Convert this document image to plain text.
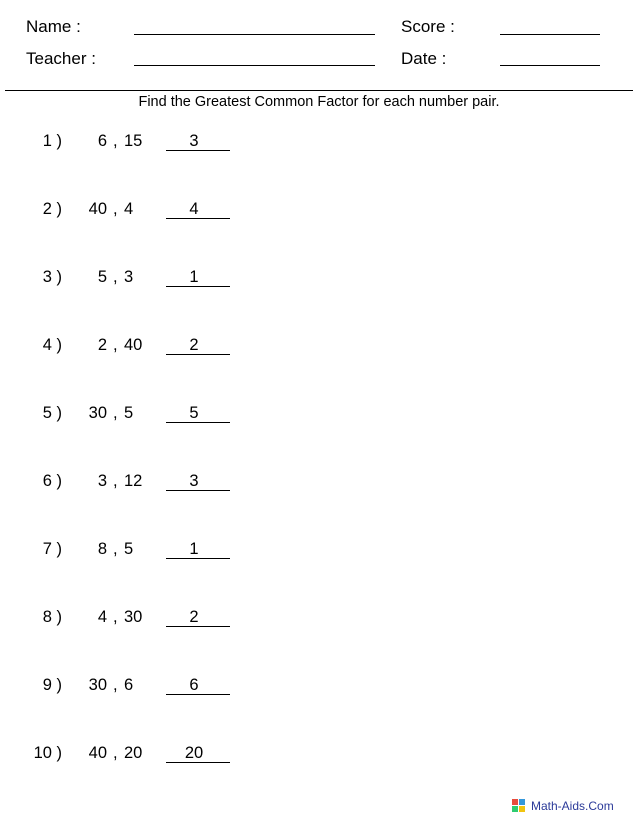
Name :	Score :
Teacher :	Date :
Find the Greatest Common Factor for each number pair.
1 ) 6 15	3
,
2 ) 40 4	4
,
3 ) 5 3	1
,
4 ) 2 40	2
,
5 ) 30 5	5
,
6 ) 3 12	3
,
7 ) 8 5	1
,
8 ) 4 30	2
,
9 ) 30 6	6
,
10 ) 40 20	20
,
Math-Aids.Com
